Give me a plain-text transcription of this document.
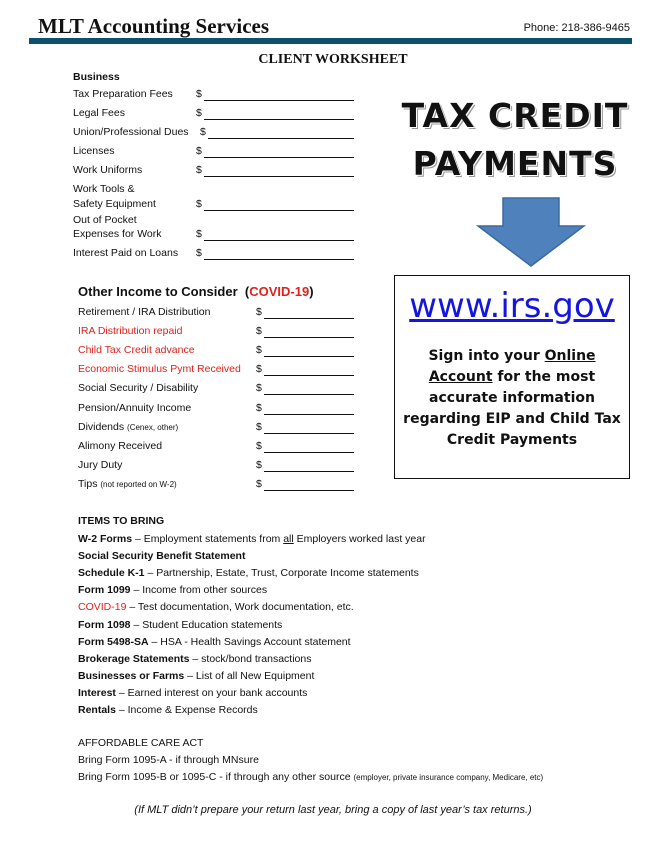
MLT Accounting Services	Phone: 218-386-9465
CLIENT WORKSHEET
Business
Tax Preparation Fees $
Legal Fees	$
Union/Professional Dues $
Licenses	$
Work Uniforms	$
Work Tools &
Safety Equipment	$
Out of Pocket
Expenses for Work	$
Interest Paid on Loans $
Other Income to Consider (COVID-19)
Retirement / IRA Distribution	$
IRA Distribution repaid	$
Child Tax Credit advance	$
Economic Stimulus Pymt Received $
Social Security / Disability	$
Pension/Annuity Income	$
Dividends (Cenex, other)	$
Alimony Received	$
Jury Duty	$
Tips (not reported on W-2)	$
TAX CREDIT
PAYMENTS
www.irs.gov
Sign into your Online Account for the most accurate information regarding EIP and Child Tax Credit Payments
ITEMS TO BRING
W-2 Forms – Employment statements from all Employers worked last year
Social Security Benefit Statement
Schedule K-1 – Partnership, Estate, Trust, Corporate Income statements
Form 1099 – Income from other sources
COVID-19 – Test documentation, Work documentation, etc.
Form 1098 – Student Education statements
Form 5498-SA – HSA - Health Savings Account statement
Brokerage Statements – stock/bond transactions
Businesses or Farms – List of all New Equipment
Interest – Earned interest on your bank accounts
Rentals – Income & Expense Records
AFFORDABLE CARE ACT
Bring Form 1095-A - if through MNsure
Bring Form 1095-B or 1095-C - if through any other source (employer, private insurance company, Medicare, etc)
(If MLT didn’t prepare your return last year, bring a copy of last year’s tax returns.)
